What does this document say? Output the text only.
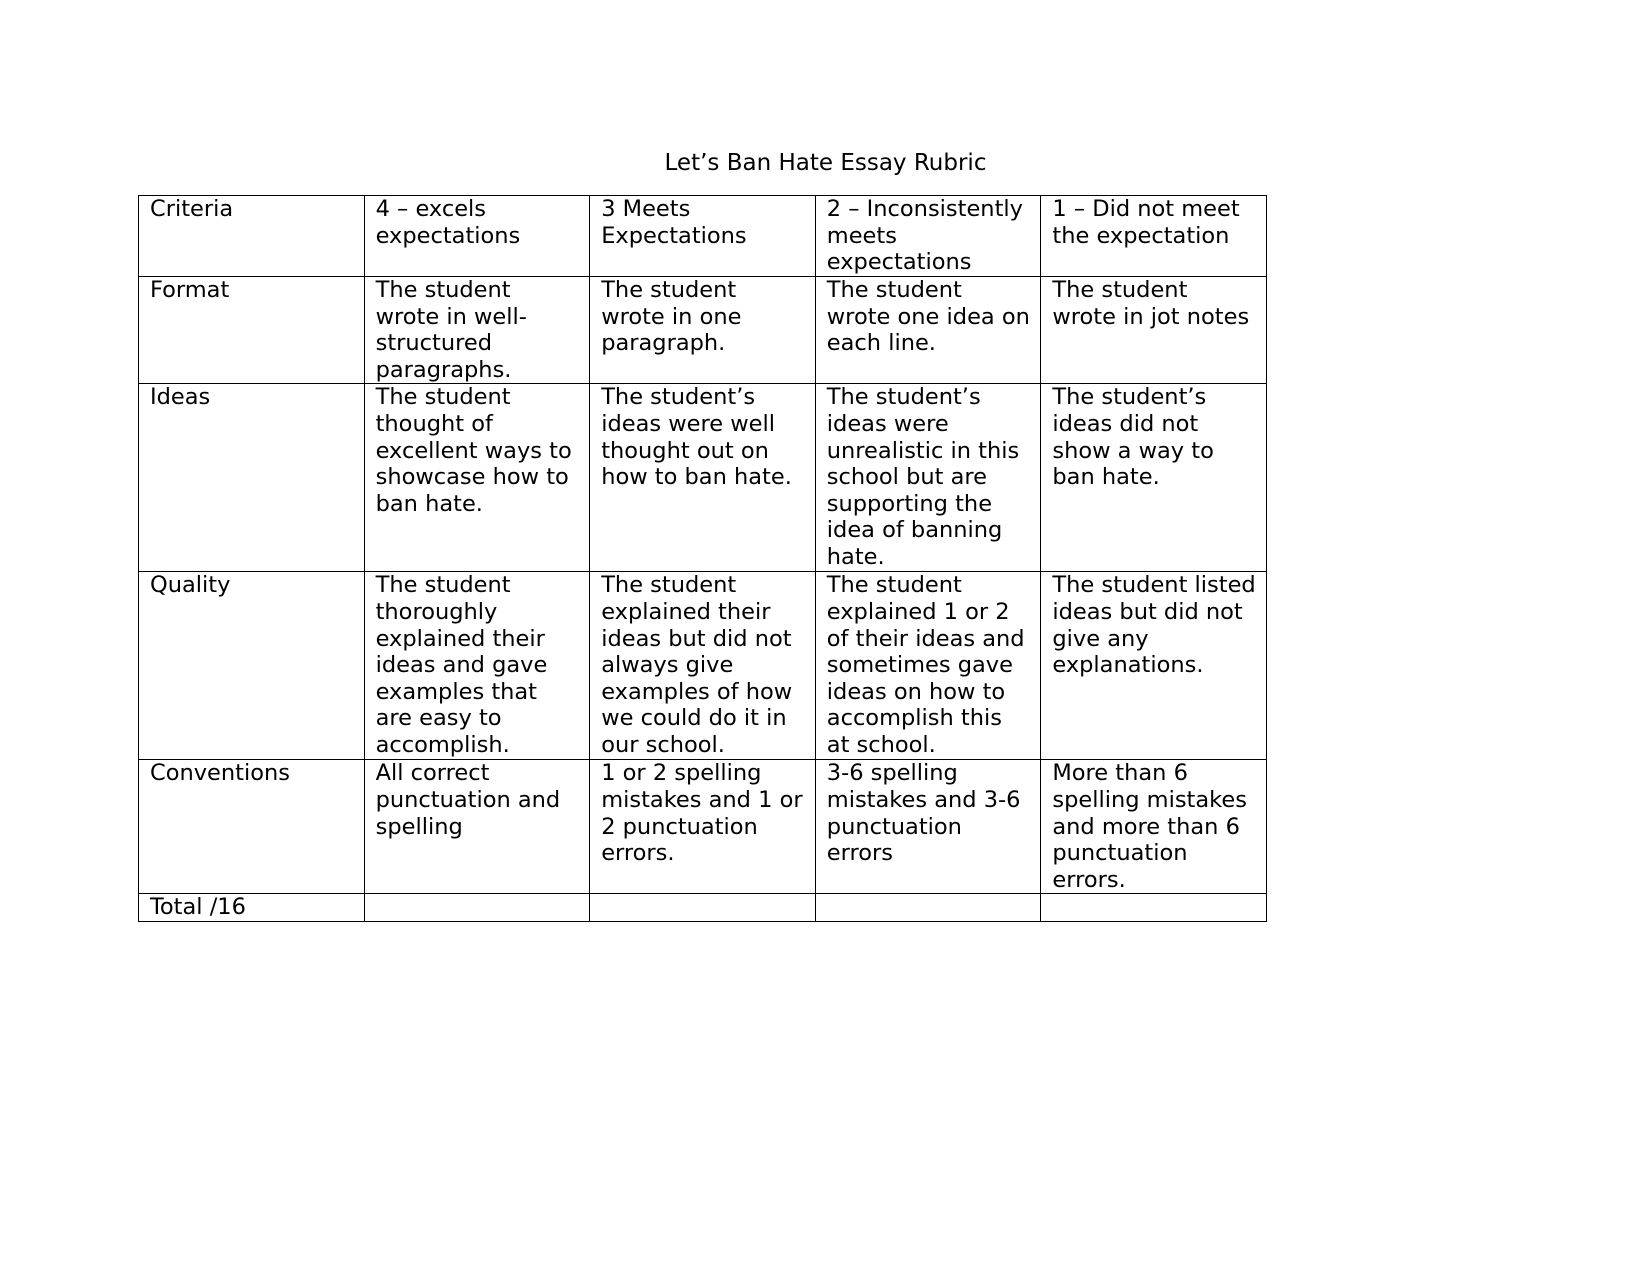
Let’s Ban Hate Essay Rubric
Criteria	4 – excels expectations	3 Meets Expectations	2 – Inconsistently meets expectations	1 – Did not meet the expectation
Format	The student wrote in well-structured paragraphs.	The student wrote in one paragraph.	The student wrote one idea on each line.	The student wrote in jot notes
Ideas	The student thought of excellent ways to showcase how to ban hate.	The student’s ideas were well thought out on how to ban hate.	The student’s ideas were unrealistic in this school but are supporting the idea of banning hate.	The student’s ideas did not show a way to ban hate.
Quality	The student thoroughly explained their ideas and gave examples that are easy to accomplish.	The student explained their ideas but did not always give examples of how we could do it in our school.	The student explained 1 or 2 of their ideas and sometimes gave ideas on how to accomplish this at school.	The student listed ideas but did not give any explanations.
Conventions	All correct punctuation and spelling	1 or 2 spelling mistakes and 1 or 2 punctuation errors.	3-6 spelling mistakes and 3-6 punctuation errors	More than 6 spelling mistakes and more than 6 punctuation errors.
Total /16				
